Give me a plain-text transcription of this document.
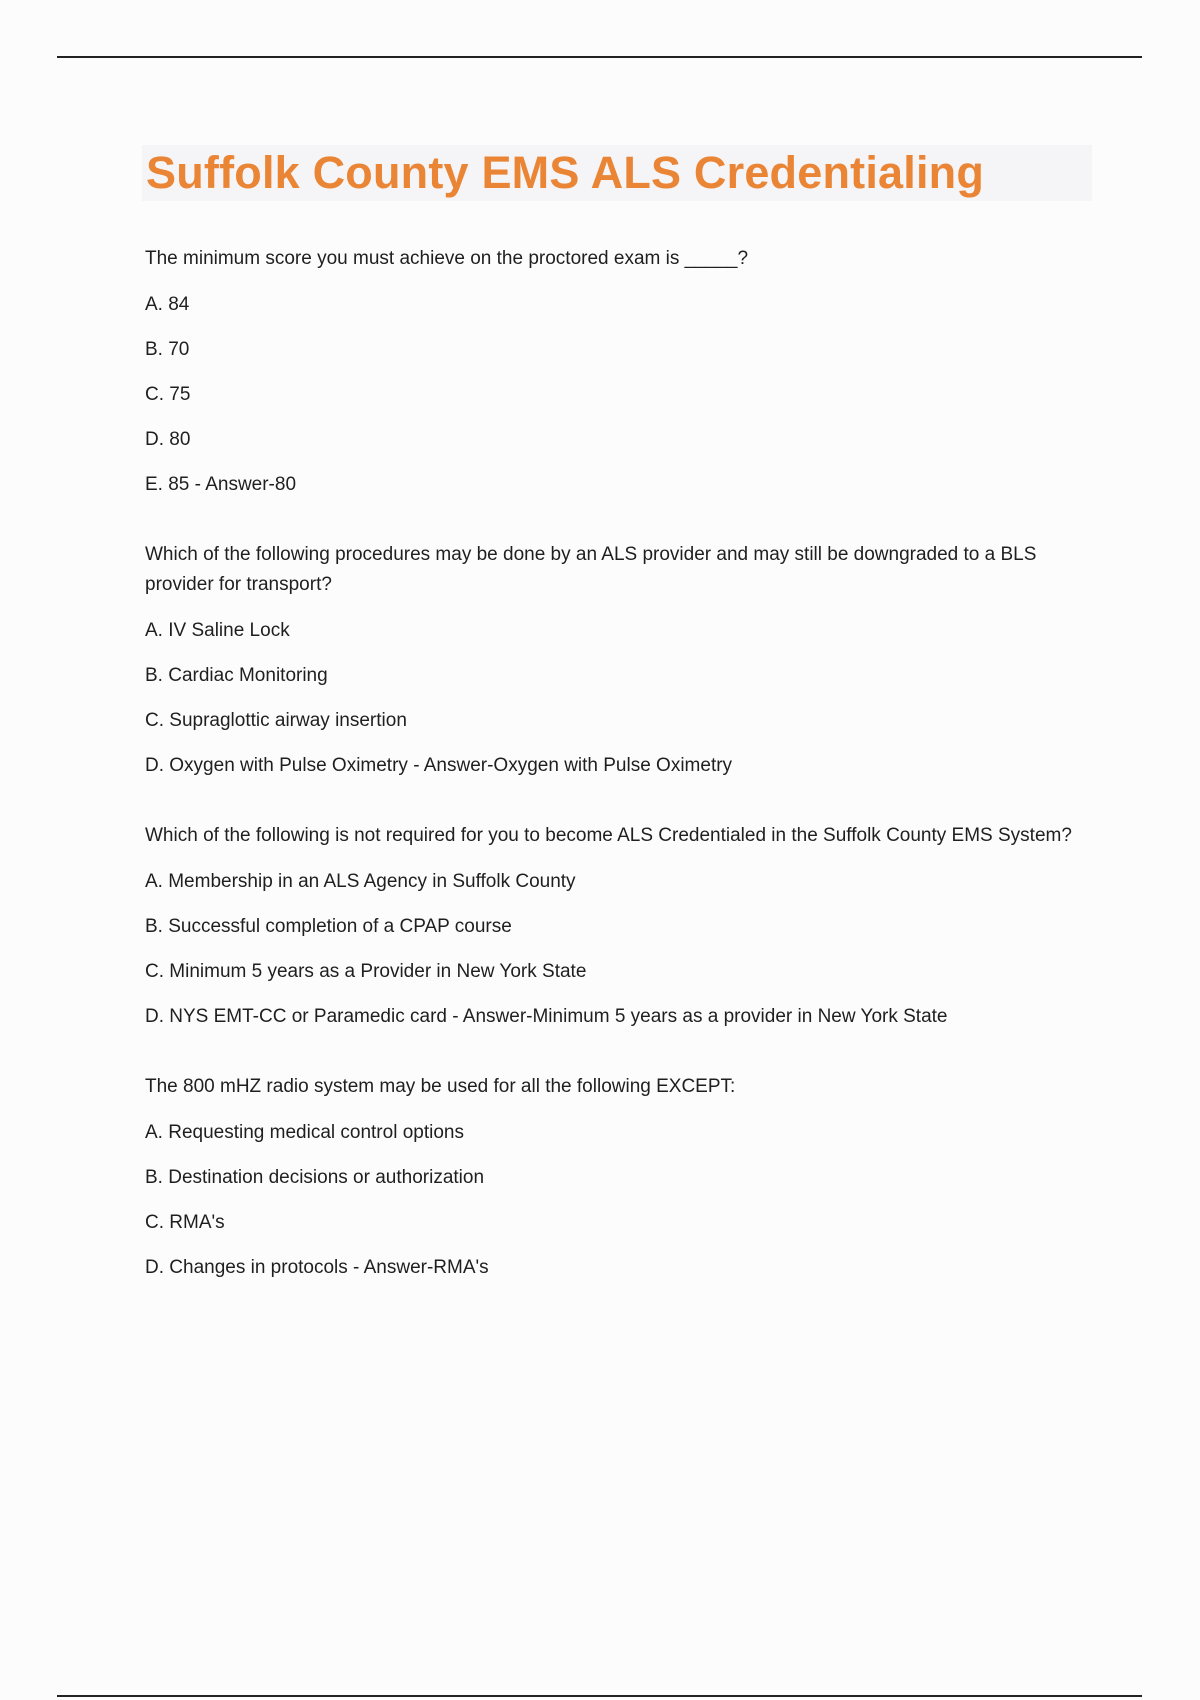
Suffolk County EMS ALS Credentialing

The minimum score you must achieve on the proctored exam is _____?

A. 84

B. 70

C. 75

D. 80

E. 85 - Answer-80

Which of the following procedures may be done by an ALS provider and may still be downgraded to a BLS provider for transport?

A. IV Saline Lock

B. Cardiac Monitoring

C. Supraglottic airway insertion

D. Oxygen with Pulse Oximetry - Answer-Oxygen with Pulse Oximetry

Which of the following is not required for you to become ALS Credentialed in the Suffolk County EMS System?

A. Membership in an ALS Agency in Suffolk County

B. Successful completion of a CPAP course

C. Minimum 5 years as a Provider in New York State

D. NYS EMT-CC or Paramedic card - Answer-Minimum 5 years as a provider in New York State

The 800 mHZ radio system may be used for all the following EXCEPT:

A. Requesting medical control options

B. Destination decisions or authorization

C. RMA's

D. Changes in protocols - Answer-RMA's
